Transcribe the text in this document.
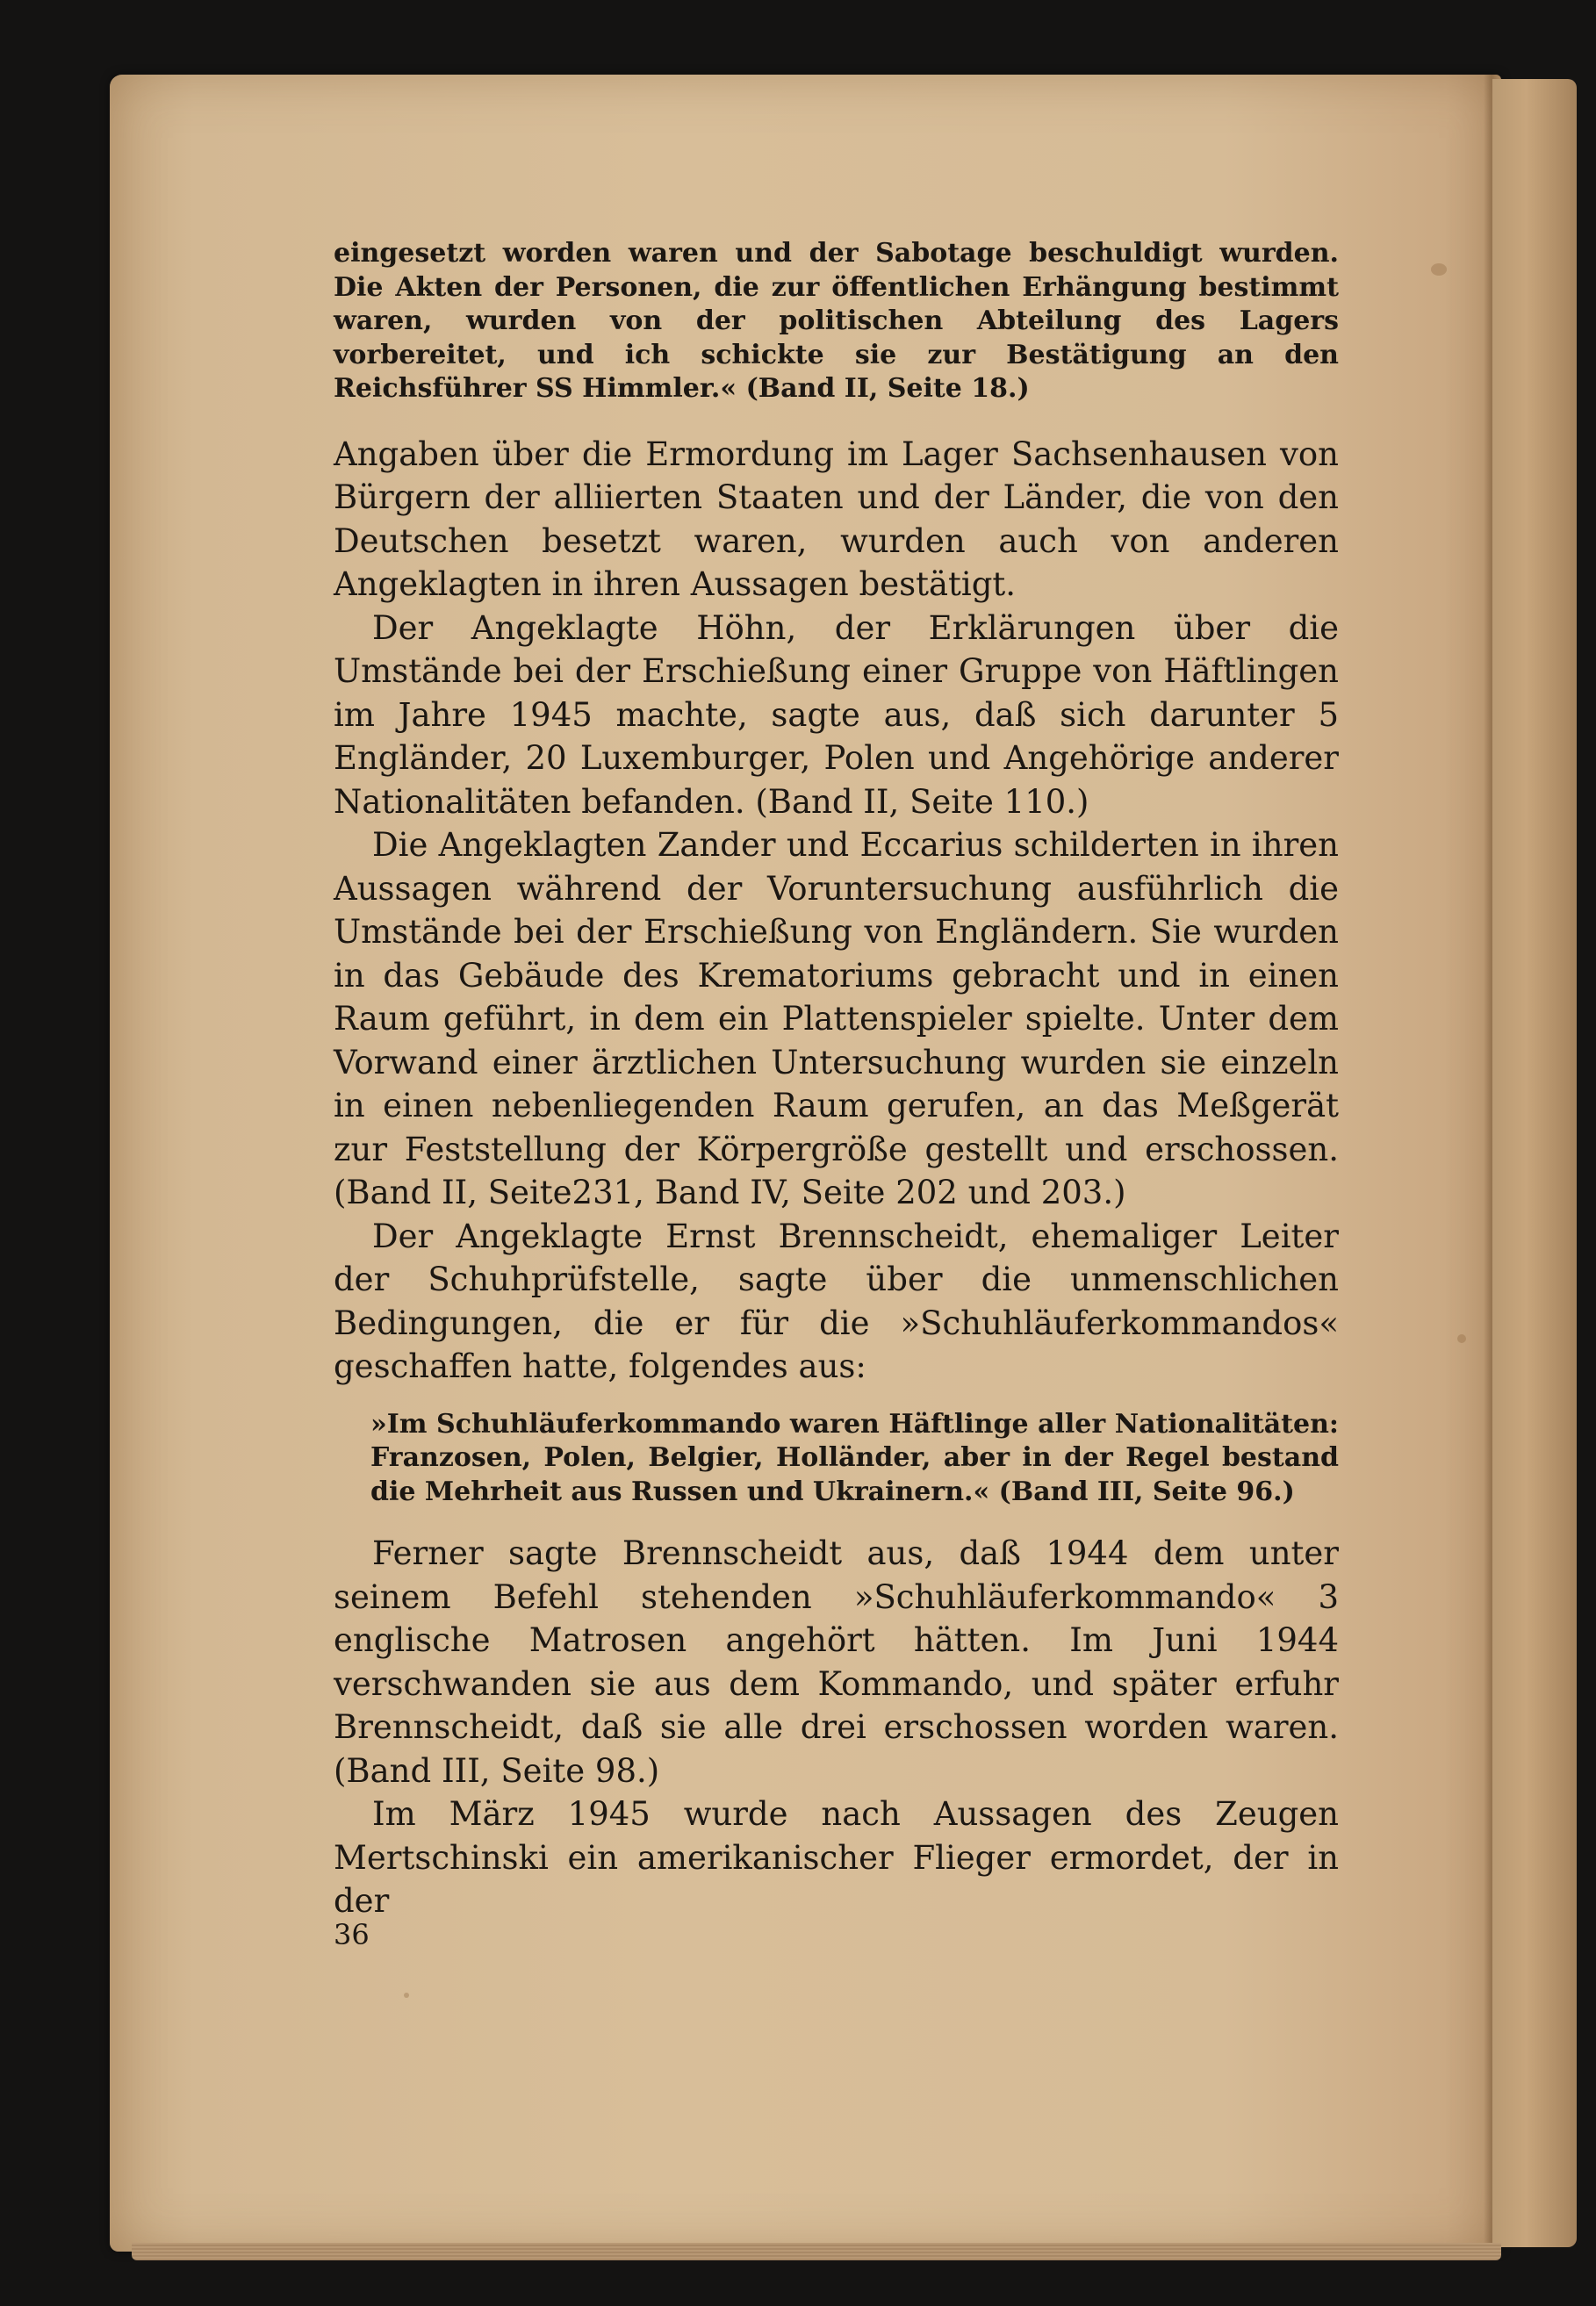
eingesetzt worden waren und der Sabotage beschuldigt wurden. Die Akten der Personen, die zur öffentlichen Erhängung bestimmt waren, wurden von der politischen Abteilung des Lagers vorbereitet, und ich schickte sie zur Bestätigung an den Reichsführer SS Himmler.« (Band II, Seite 18.)

Angaben über die Ermordung im Lager Sachsenhausen von Bürgern der alliierten Staaten und der Länder, die von den Deutschen besetzt waren, wurden auch von anderen Angeklagten in ihren Aussagen bestätigt.

Der Angeklagte Höhn, der Erklärungen über die Umstände bei der Erschießung einer Gruppe von Häftlingen im Jahre 1945 machte, sagte aus, daß sich darunter 5 Engländer, 20 Luxemburger, Polen und Angehörige anderer Nationalitäten befanden. (Band II, Seite 110.)

Die Angeklagten Zander und Eccarius schilderten in ihren Aussagen während der Voruntersuchung ausführlich die Umstände bei der Erschießung von Engländern. Sie wurden in das Gebäude des Krematoriums gebracht und in einen Raum geführt, in dem ein Plattenspieler spielte. Unter dem Vorwand einer ärztlichen Untersuchung wurden sie einzeln in einen nebenliegenden Raum gerufen, an das Meßgerät zur Feststellung der Körpergröße gestellt und erschossen. (Band II, Seite231, Band IV, Seite 202 und 203.)

Der Angeklagte Ernst Brennscheidt, ehemaliger Leiter der Schuhprüfstelle, sagte über die unmenschlichen Bedingungen, die er für die »Schuhläuferkommandos« geschaffen hatte, folgendes aus:

»Im Schuhläuferkommando waren Häftlinge aller Nationalitäten: Franzosen, Polen, Belgier, Holländer, aber in der Regel bestand die Mehrheit aus Russen und Ukrainern.« (Band III, Seite 96.)

Ferner sagte Brennscheidt aus, daß 1944 dem unter seinem Befehl stehenden »Schuhläuferkommando« 3 englische Matrosen angehört hätten. Im Juni 1944 verschwanden sie aus dem Kommando, und später erfuhr Brennscheidt, daß sie alle drei erschossen worden waren. (Band III, Seite 98.)

Im März 1945 wurde nach Aussagen des Zeugen Mertschinski ein amerikanischer Flieger ermordet, der in der

36
